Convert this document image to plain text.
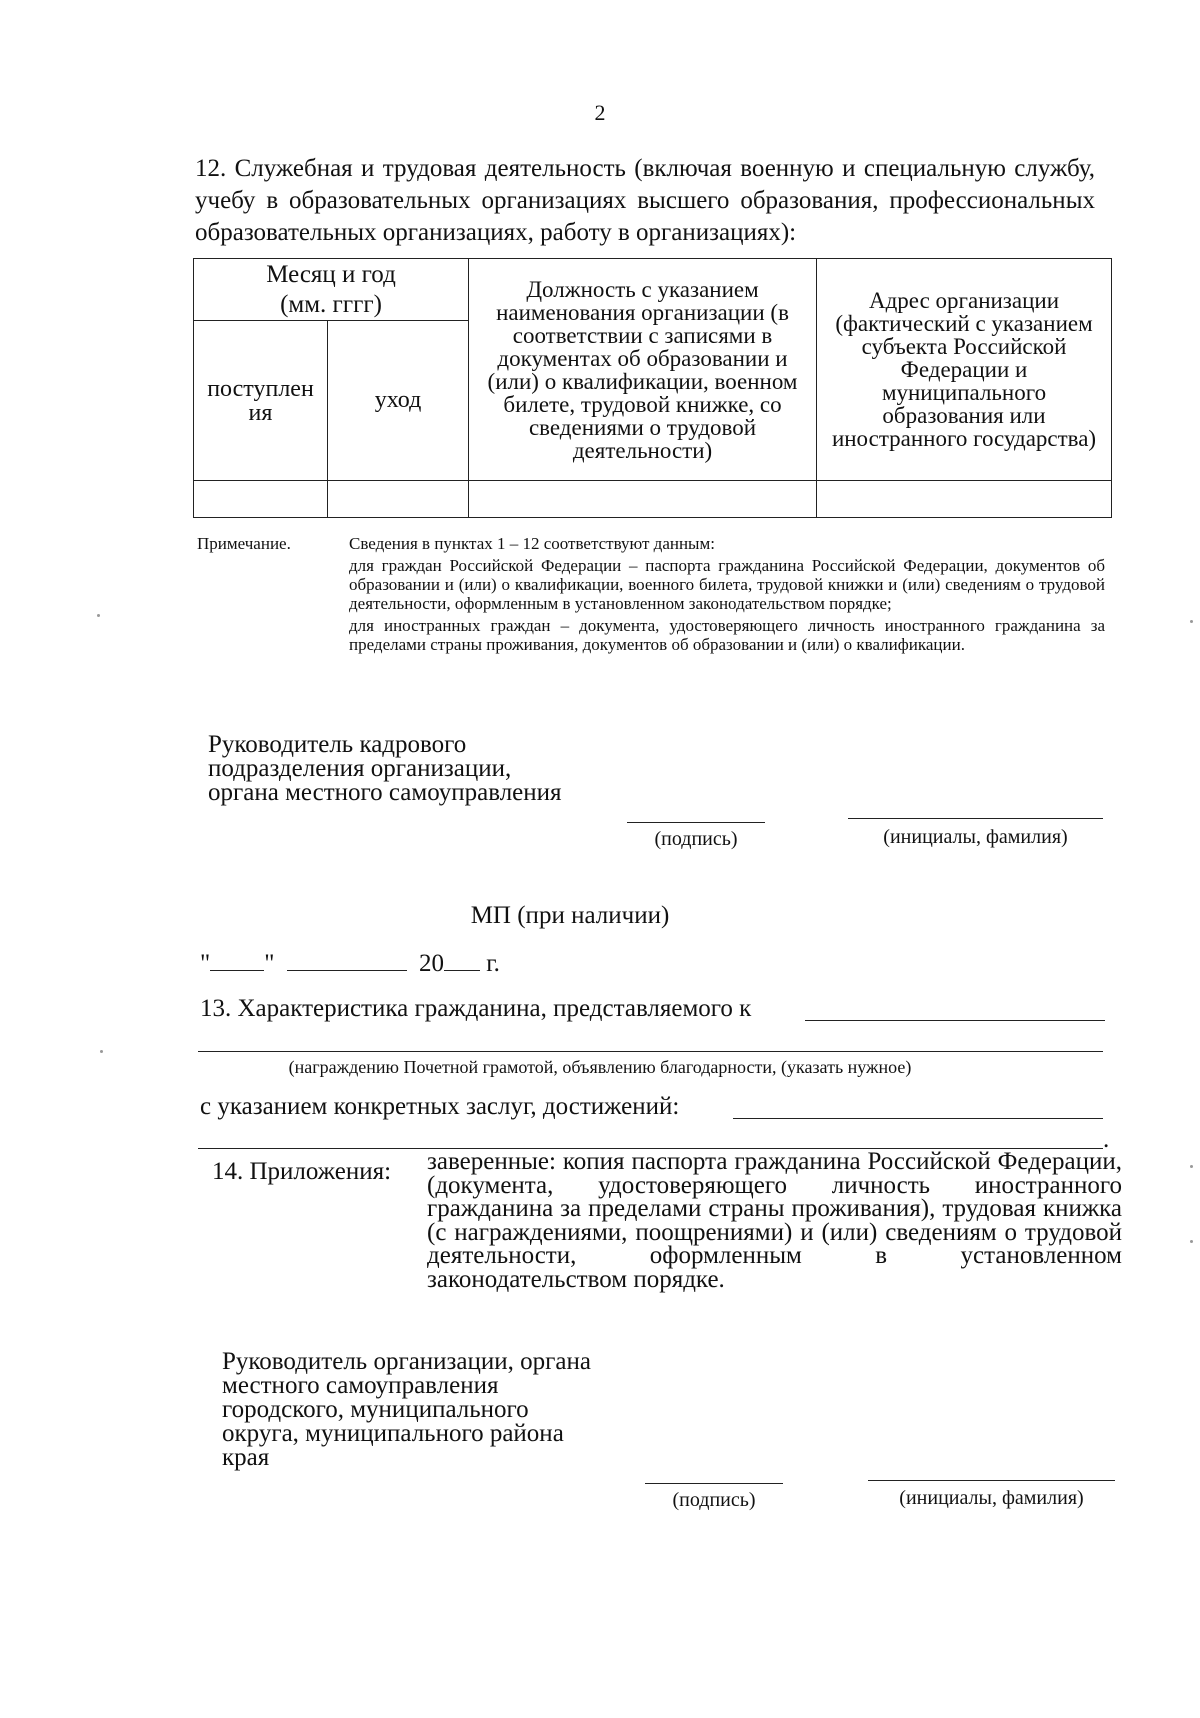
2
12. Служебная и трудовая деятельность (включая военную и специальную службу, учебу в образовательных организациях высшего образования, профессиональных образовательных организациях, работу в организациях):
Месяц и год (мм. гггг)		Должность с указанием наименования организации (в соответствии с записями в документах об образовании и (или) о квалификации, военном билете, трудовой книжке, со сведениями о трудовой деятельности)	Адрес организации (фактический с указанием субъекта Российской Федерации и муниципального образования или иностранного государства)
поступлен ия	уход		

Примечание.	Сведения в пунктах 1 – 12 соответствуют данным:
для граждан Российской Федерации – паспорта гражданина Российской Федерации, документов об образовании и (или) о квалификации, военного билета, трудовой книжки и (или) сведениям о трудовой деятельности, оформленным в установленном законодательством порядке;
для иностранных граждан – документа, удостоверяющего личность иностранного гражданина за пределами страны проживания, документов об образовании и (или) о квалификации.
Руководитель кадрового подразделения организации, органа местного самоуправления
(подпись)	(инициалы, фамилия)
МП (при наличии)
" "	20 г.
13. Характеристика гражданина, представляемого к
(награждению Почетной грамотой, объявлению благодарности, (указать нужное)
с указанием конкретных заслуг, достижений:
.
14. Приложения: заверенные: копия паспорта гражданина Российской Федерации, (документа, удостоверяющего личность иностранного гражданина за пределами страны проживания), трудовая книжка (с награждениями, поощрениями) и (или) сведениям о трудовой деятельности, оформленным в установленном законодательством порядке.
Руководитель организации, органа местного самоуправления городского, муниципального округа, муниципального района края
(подпись)	(инициалы, фамилия)
